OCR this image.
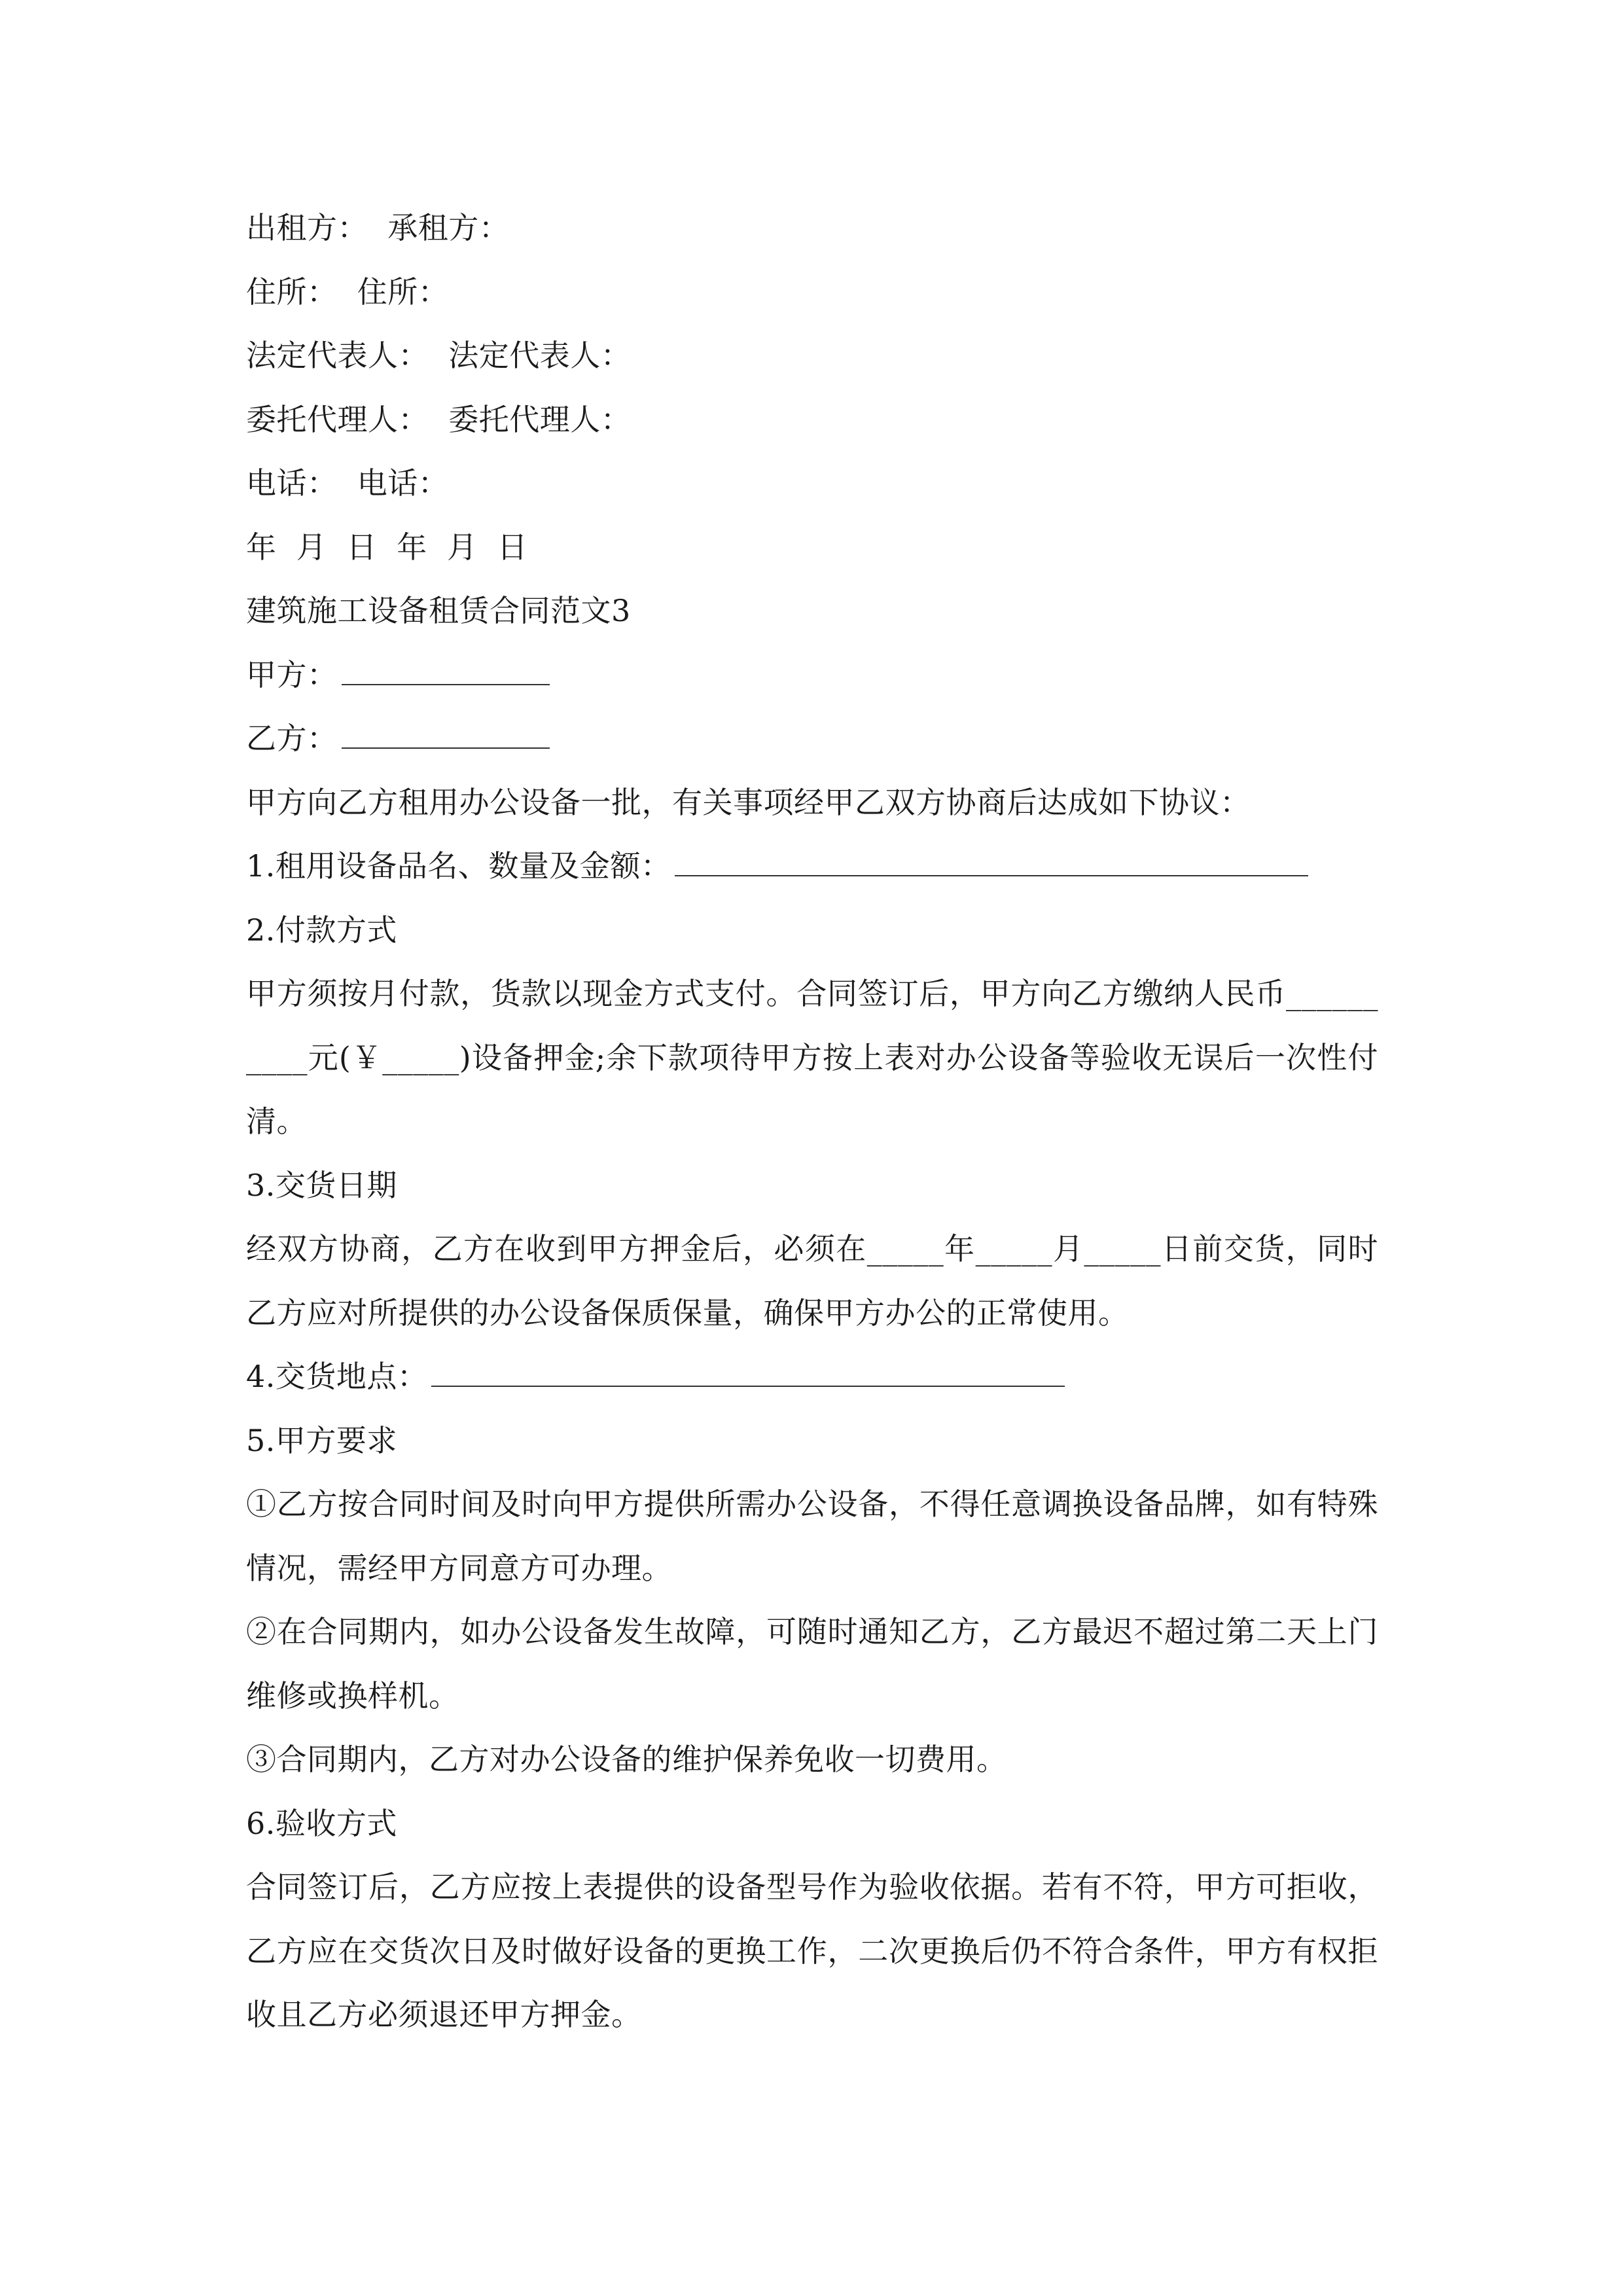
出租方：  承租方：
住所：  住所：
法定代表人：  法定代表人：
委托代理人：  委托代理人：
电话：  电话：
年  月  日  年  月  日
建筑施工设备租赁合同范文3
甲方：
乙方：
甲方向乙方租用办公设备一批，有关事项经甲乙双方协商后达成如下协议：
1.租用设备品名、数量及金额：
2.付款方式
甲方须按月付款，货款以现金方式支付。合同签订后，甲方向乙方缴纳人民币__________元(￥_____)设备押金;余下款项待甲方按上表对办公设备等验收无误后一次性付清。
3.交货日期
经双方协商，乙方在收到甲方押金后，必须在_____年_____月_____日前交货，同时乙方应对所提供的办公设备保质保量，确保甲方办公的正常使用。
4.交货地点：
5.甲方要求
①乙方按合同时间及时向甲方提供所需办公设备，不得任意调换设备品牌，如有特殊情况，需经甲方同意方可办理。
②在合同期内，如办公设备发生故障，可随时通知乙方，乙方最迟不超过第二天上门维修或换样机。
③合同期内，乙方对办公设备的维护保养免收一切费用。
6.验收方式
合同签订后，乙方应按上表提供的设备型号作为验收依据。若有不符，甲方可拒收，乙方应在交货次日及时做好设备的更换工作，二次更换后仍不符合条件，甲方有权拒收且乙方必须退还甲方押金。
